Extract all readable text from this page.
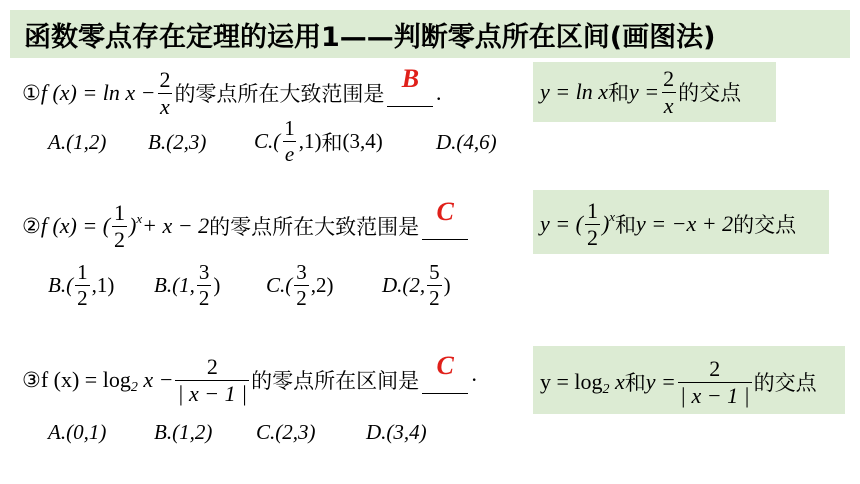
函数零点存在定理的运用1——判断零点所在区间(画图法)
① f $(x) = \ln x - \frac{2}{x}$ 的零点所在大致范围是
B .	y = ln x 和 $y = \frac{2}{x}$ 的交点
A.(1,2) B.(2,3) $C.( \frac{1}{e} ,1)$ 和 (3,4)	D.(4,6)
② f (x) = ( $\frac{1}{2} )^x + x - 2$ 的零点所在大致范围是
C	y = ( $\frac{1}{2} )^x$ 和 y = −x + 2 的交点
$B.( \frac{1}{2} ,1)$ B.(1, $\frac{3}{2}$ ) $C.( \frac{3}{2} ,2)$ D.(2, $\frac{5}{2}$ )
③ f $(x) = \log_2 x - \frac{2}{| x - 1 |}$ 的零点所在区间是
C ·	$y = \log_2 x$ 和 $y = \frac{2}{| x - 1 |}$ 的交点
A.(0,1) B.(1,2) C.(2,3) D.(3,4)
